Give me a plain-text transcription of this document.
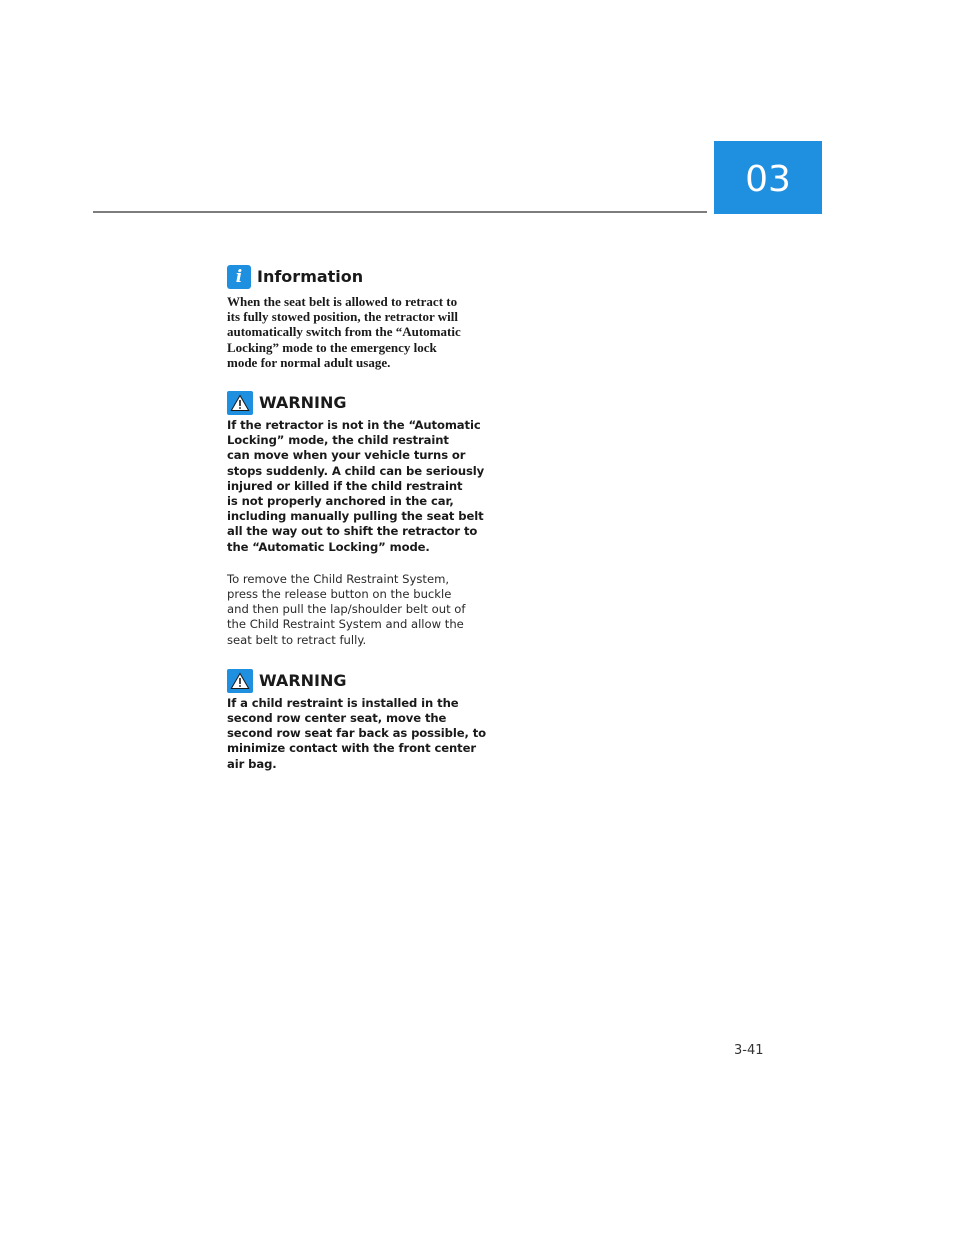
03
i Information
When the seat belt is allowed to retract to
its fully stowed position, the retractor will
automatically switch from the “Automatic
Locking” mode to the emergency lock
mode for normal adult usage.
WARNING
If the retractor is not in the “Automatic
Locking” mode, the child restraint
can move when your vehicle turns or
stops suddenly. A child can be seriously
injured or killed if the child restraint
is not properly anchored in the car,
including manually pulling the seat belt
all the way out to shift the retractor to
the “Automatic Locking” mode.
To remove the Child Restraint System,
press the release button on the buckle
and then pull the lap/shoulder belt out of
the Child Restraint System and allow the
seat belt to retract fully.
WARNING
If a child restraint is installed in the
second row center seat, move the
second row seat far back as possible, to
minimize contact with the front center
air bag.
3-41
